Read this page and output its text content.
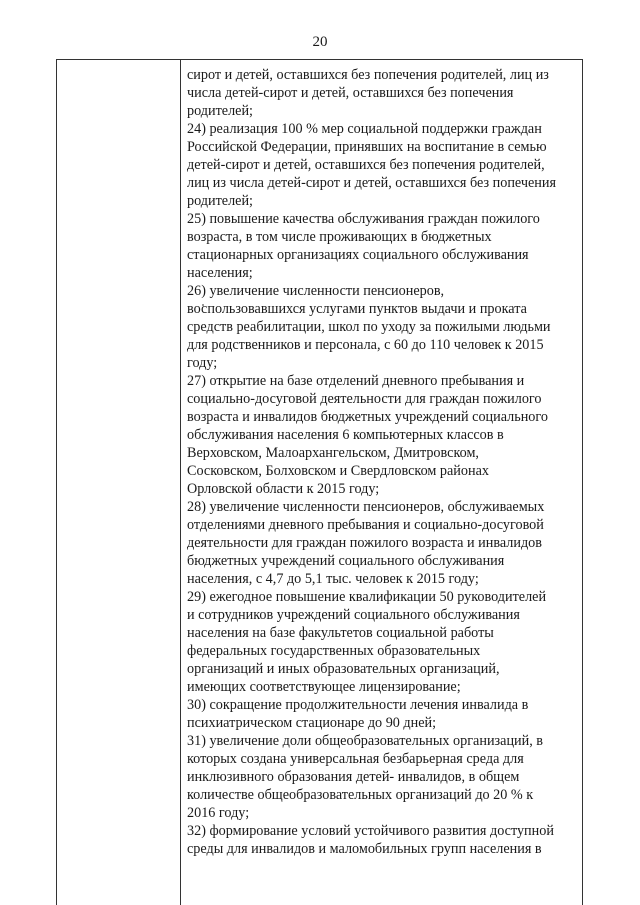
20
сирот и детей, оставшихся без попечения родителей, лиц из
числа детей-сирот и детей, оставшихся без попечения
родителей;
24) реализация 100 % мер социальной поддержки граждан
Российской Федерации, принявших на воспитание в семью
детей-сирот и детей, оставшихся без попечения родителей,
лиц из числа детей-сирот и детей, оставшихся без попечения
родителей;
25) повышение качества обслуживания граждан пожилого
возраста, в том числе проживающих в бюджетных
стационарных организациях социального обслуживания
населения;
26) увеличение численности пенсионеров,
воспользовавшихся услугами пунктов выдачи и проката
средств реабилитации, школ по уходу за пожилыми людьми
для родственников и персонала, с 60 до 110 человек к 2015
году;
27) открытие на базе отделений дневного пребывания и
социально-досуговой деятельности для граждан пожилого
возраста и инвалидов бюджетных учреждений социального
обслуживания населения 6 компьютерных классов в
Верховском, Малоархангельском, Дмитровском,
Сосковском, Болховском и Свердловском районах
Орловской области к 2015 году;
28) увеличение численности пенсионеров, обслуживаемых
отделениями дневного пребывания и социально-досуговой
деятельности для граждан пожилого возраста и инвалидов
бюджетных учреждений социального обслуживания
населения, с 4,7 до 5,1 тыс. человек к 2015 году;
29) ежегодное повышение квалификации 50 руководителей
и сотрудников учреждений социального обслуживания
населения на базе факультетов социальной работы
федеральных государственных образовательных
организаций и иных образовательных организаций,
имеющих соответствующее лицензирование;
30) сокращение продолжительности лечения инвалида в
психиатрическом стационаре до 90 дней;
31) увеличение доли общеобразовательных организаций, в
которых создана универсальная безбарьерная среда для
инклюзивного образования детей- инвалидов, в общем
количестве общеобразовательных организаций до 20 % к
2016 году;
32) формирование условий устойчивого развития доступной
среды для инвалидов и маломобильных групп населения в
